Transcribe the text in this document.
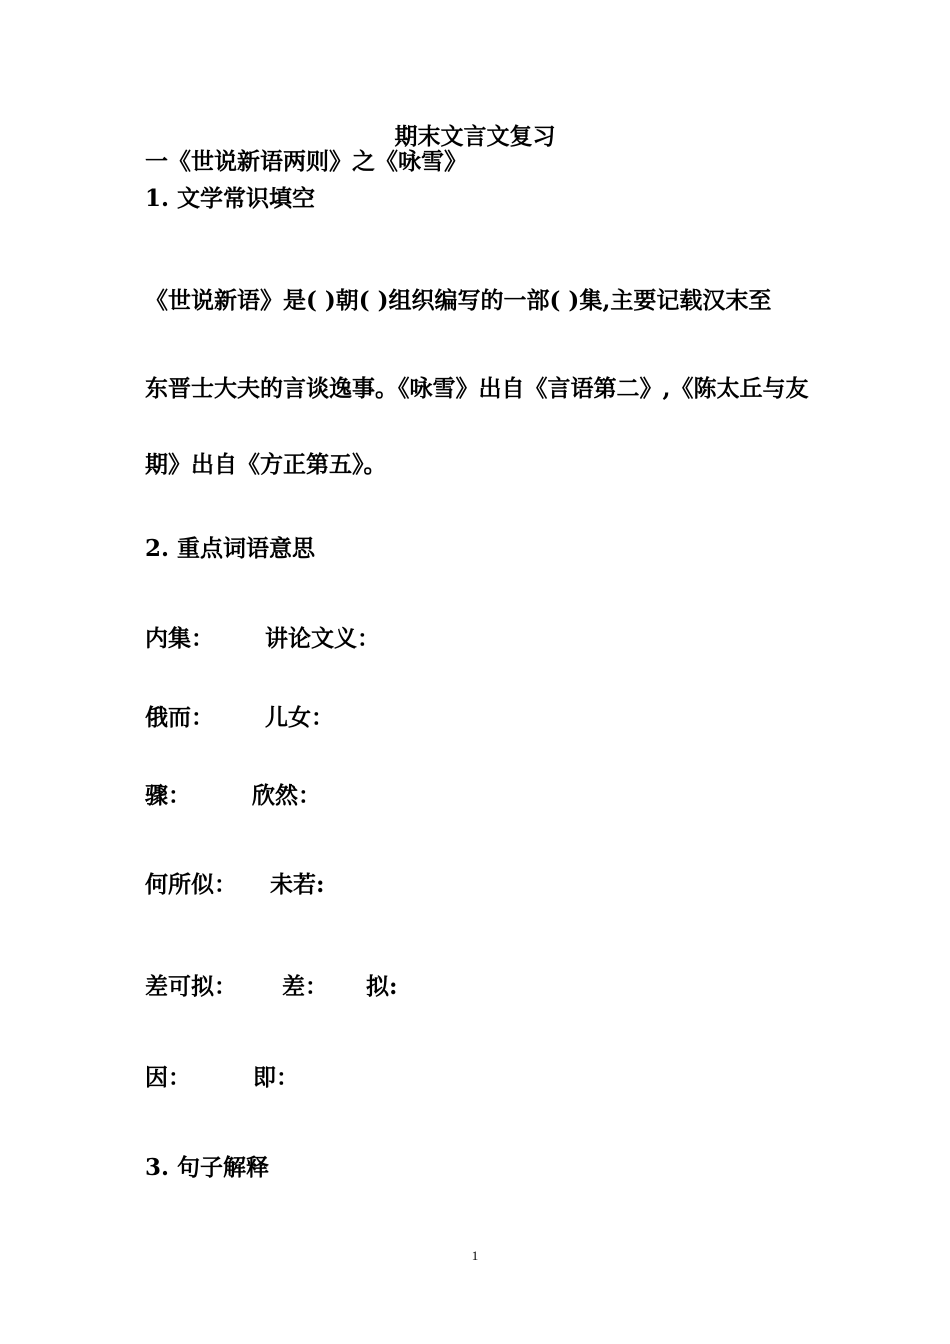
期末文言文复习
一《世说新语两则》之《咏雪》
1. 文学常识填空
《世说新语》是( )朝( )组织编写的一部( )集,主要记载汉末至
东晋士大夫的言谈逸事。《咏雪》出自《言语第二》,《陈太丘与友
期》出自《方正第五》。
2. 重点词语意思
内集： 讲论文义：
俄而： 儿女：
骤：	欣然：
何所似： 未若:
差可拟： 差： 拟:
因：	即：
3. 句子解释
1
